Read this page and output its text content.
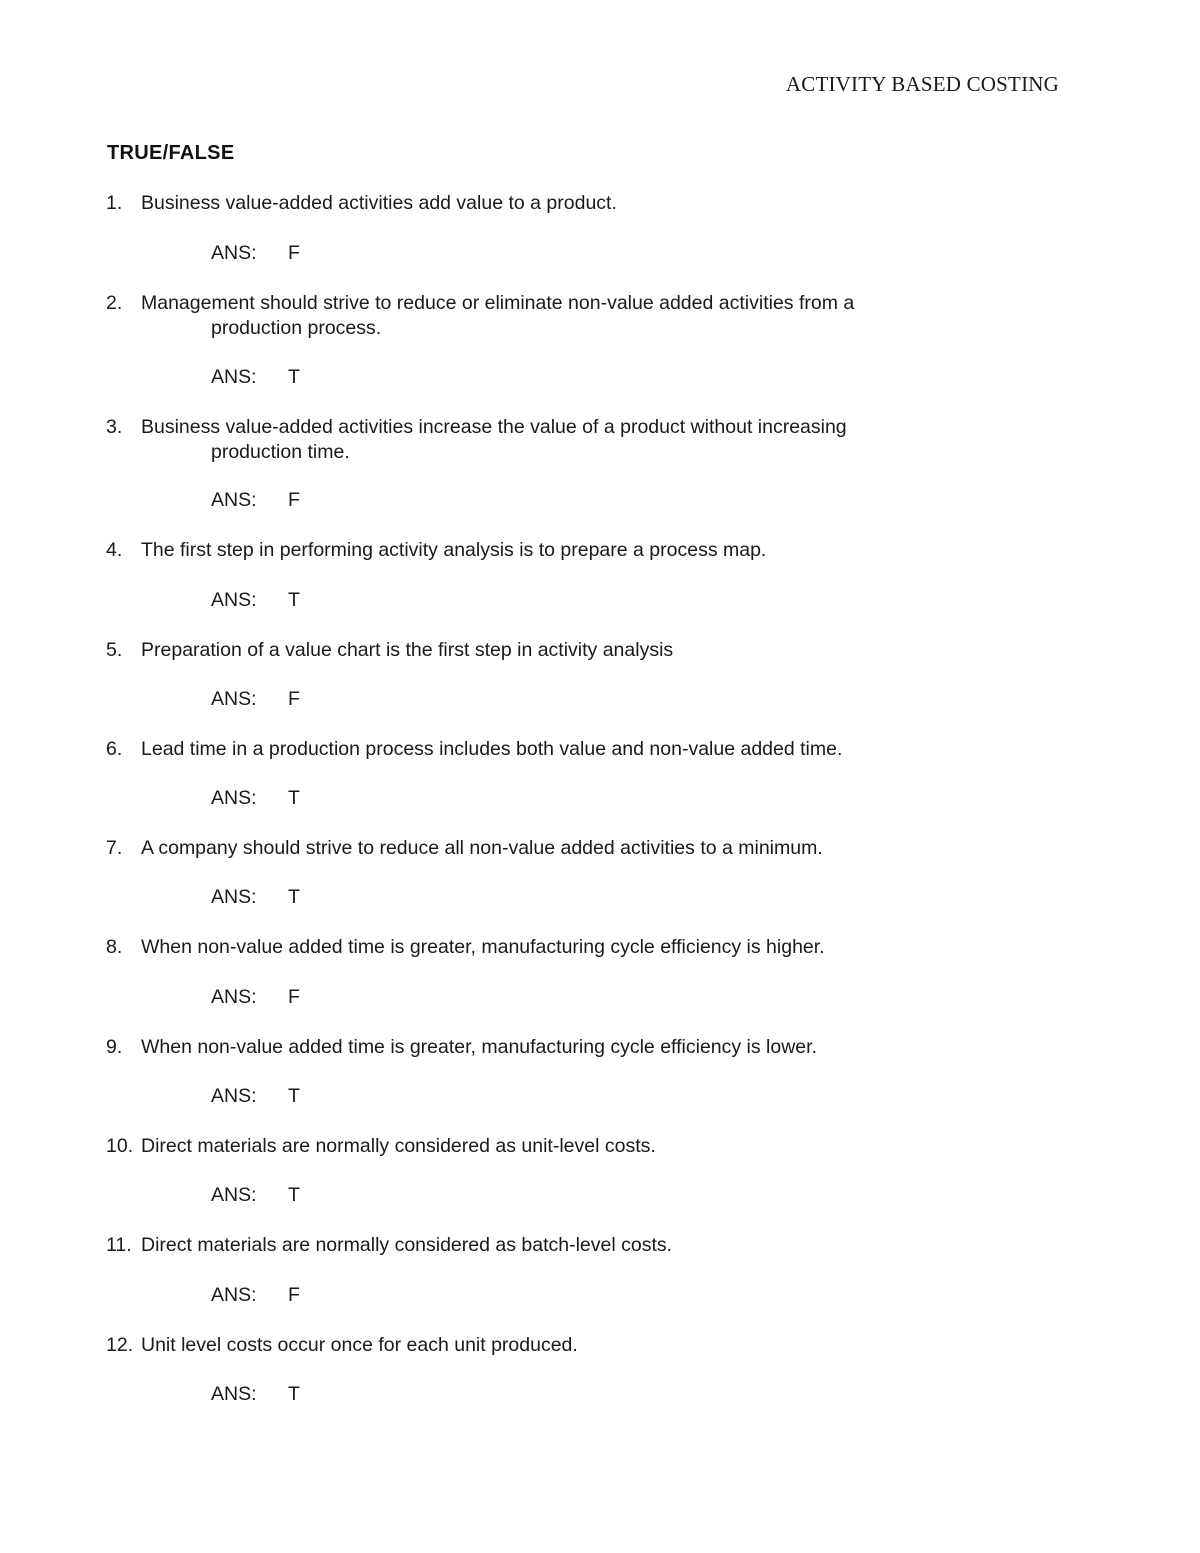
ACTIVITY BASED COSTING
TRUE/FALSE
1. Business value-added activities add value to a product.
ANS: F
2. Management should strive to reduce or eliminate non-value added activities from a
production process.
ANS: T
3. Business value-added activities increase the value of a product without increasing
production time.
ANS: F
4. The first step in performing activity analysis is to prepare a process map.
ANS: T
5. Preparation of a value chart is the first step in activity analysis
ANS: F
6. Lead time in a production process includes both value and non-value added time.
ANS: T
7. A company should strive to reduce all non-value added activities to a minimum.
ANS: T
8. When non-value added time is greater, manufacturing cycle efficiency is higher.
ANS: F
9. When non-value added time is greater, manufacturing cycle efficiency is lower.
ANS: T
10. Direct materials are normally considered as unit-level costs.
ANS: T
11. Direct materials are normally considered as batch-level costs.
ANS: F
12. Unit level costs occur once for each unit produced.
ANS: T
